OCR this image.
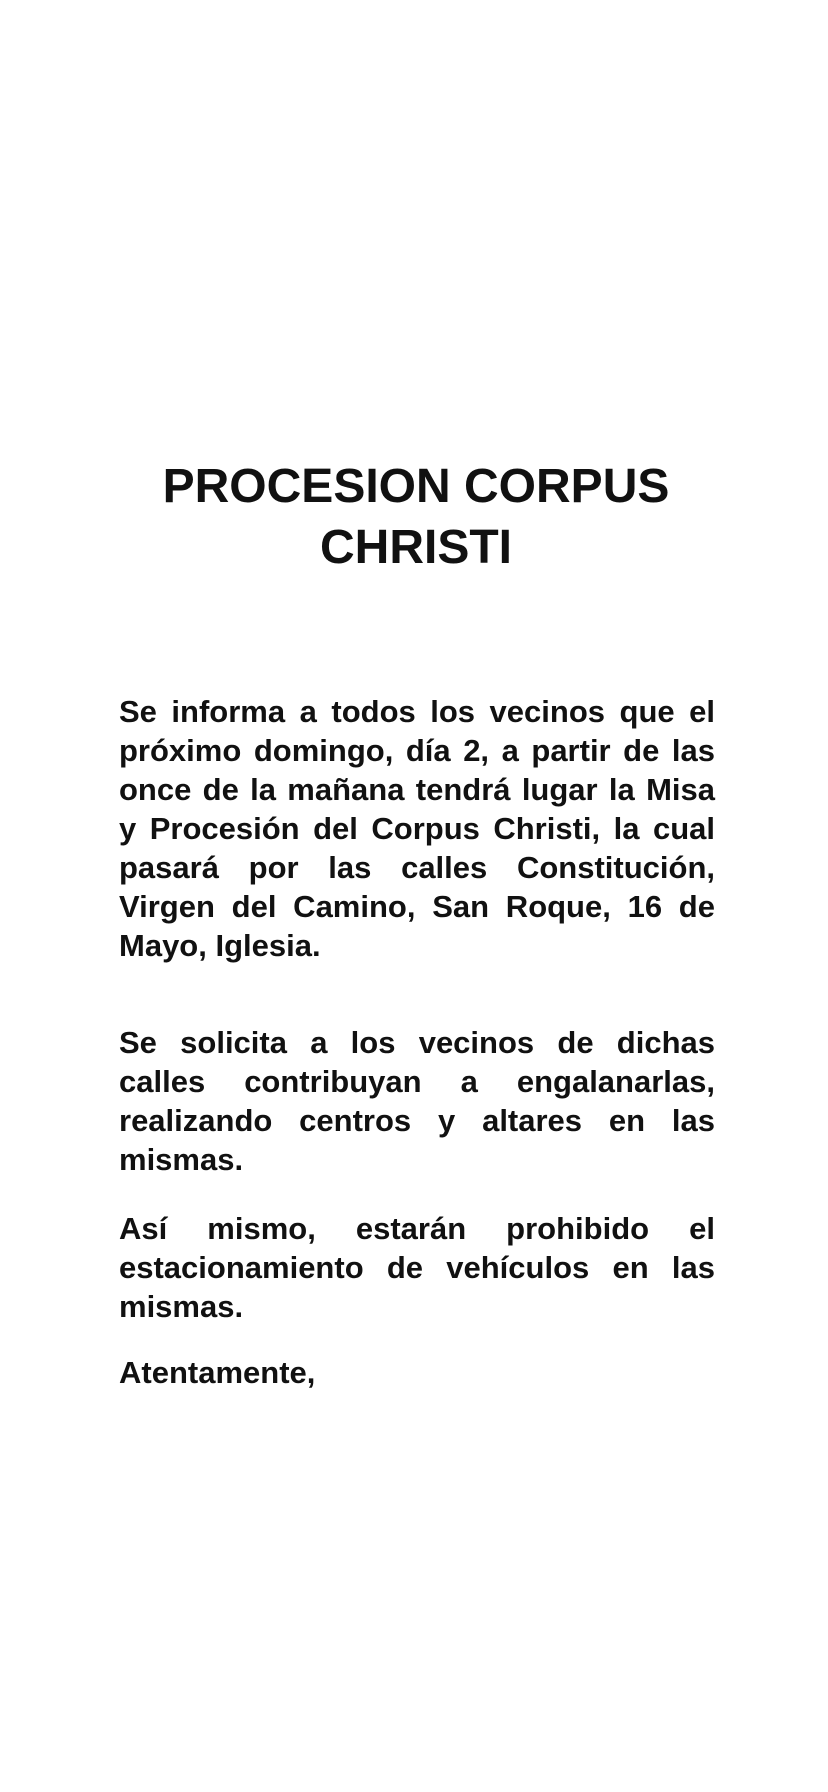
PROCESION CORPUS CHRISTI

Se informa a todos los vecinos que el próximo domingo, día 2, a partir de las once de la mañana tendrá lugar la Misa y Procesión del Corpus Christi, la cual pasará por las calles Constitución, Virgen del Camino, San Roque, 16 de Mayo, Iglesia.

Se solicita a los vecinos de dichas calles contribuyan a engalanarlas, realizando centros y altares en las mismas.

Así mismo, estarán prohibido el estacionamiento de vehículos en las mismas.

Atentamente,
